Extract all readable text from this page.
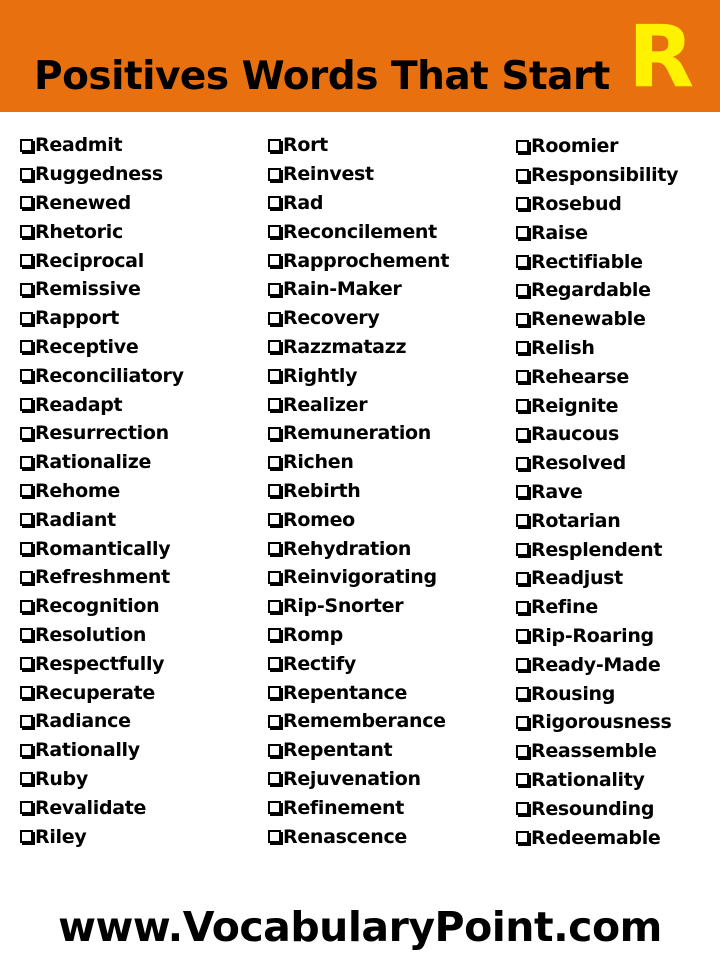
Positives Words That Start R
Readmit
Ruggedness
Renewed
Rhetoric
Reciprocal
Remissive
Rapport
Receptive
Reconciliatory
Readapt
Resurrection
Rationalize
Rehome
Radiant
Romantically
Refreshment
Recognition
Resolution
Respectfully
Recuperate
Radiance
Rationally
Ruby
Revalidate
Riley
Rort
Reinvest
Rad
Reconcilement
Rapprochement
Rain-Maker
Recovery
Razzmatazz
Rightly
Realizer
Remuneration
Richen
Rebirth
Romeo
Rehydration
Reinvigorating
Rip-Snorter
Romp
Rectify
Repentance
Rememberance
Repentant
Rejuvenation
Refinement
Renascence
Roomier
Responsibility
Rosebud
Raise
Rectifiable
Regardable
Renewable
Relish
Rehearse
Reignite
Raucous
Resolved
Rave
Rotarian
Resplendent
Readjust
Refine
Rip-Roaring
Ready-Made
Rousing
Rigorousness
Reassemble
Rationality
Resounding
Redeemable
www.VocabularyPoint.com
